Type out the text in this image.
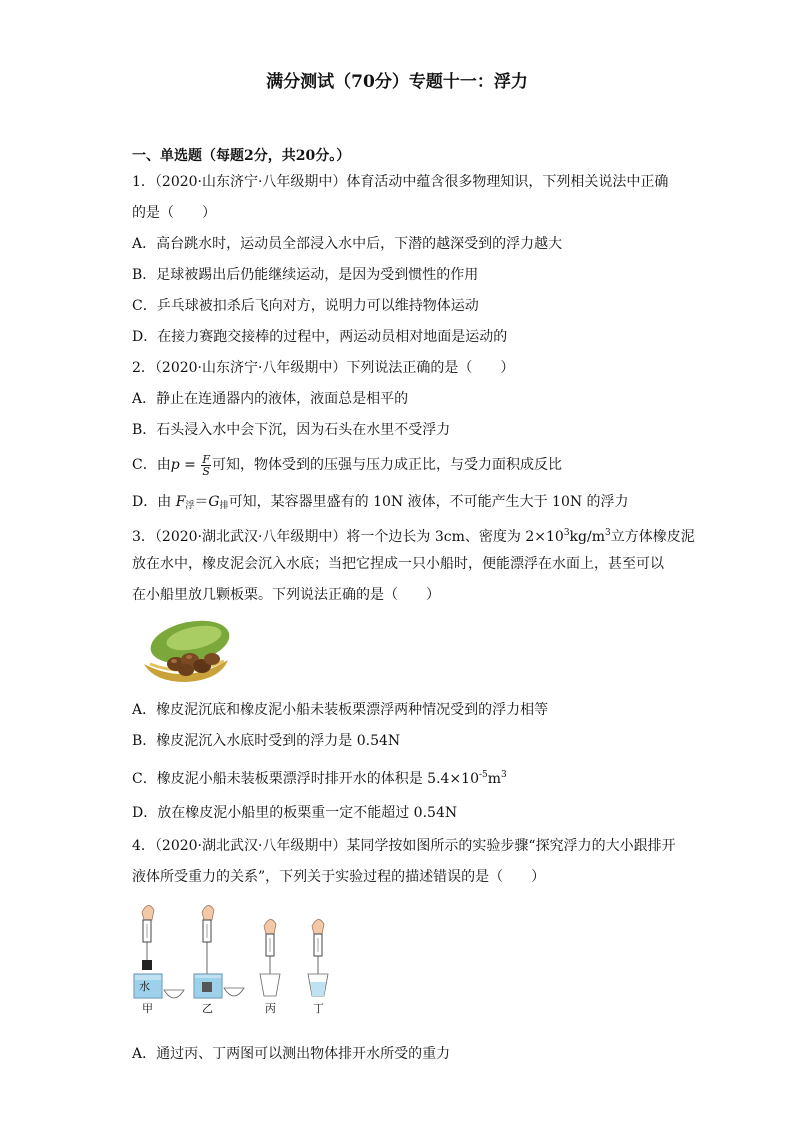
满分测试（70分）专题十一：浮力
一、单选题（每题2分，共20分。）
1．（2020·山东济宁·八年级期中）体育活动中蕴含很多物理知识，下列相关说法中正确
的是（　　）
A．高台跳水时，运动员全部浸入水中后，下潜的越深受到的浮力越大
B．足球被踢出后仍能继续运动，是因为受到惯性的作用
C．乒乓球被扣杀后飞向对方，说明力可以维持物体运动
D．在接力赛跑交接棒的过程中，两运动员相对地面是运动的
2．（2020·山东济宁·八年级期中）下列说法正确的是（　　）
A．静止在连通器内的液体，液面总是相平的
B．石头浸入水中会下沉，因为石头在水里不受浮力
C．由$p = \frac{F}{S}$ 可知，物体受到的压强与压力成正比，与受力面积成反比
D．由 $F_浮=G_排$可知，某容器里盛有的 10N 液体，不可能产生大于 10N 的浮力
3．（2020·湖北武汉·八年级期中）将一个边长为 3cm、密度为 $2\times 10^3kg/m^3$立方体橡皮泥
放在水中，橡皮泥会沉入水底；当把它捏成一只小船时，便能漂浮在水面上，甚至可以
在小船里放几颗板栗。下列说法正确的是（　　）
A．橡皮泥沉底和橡皮泥小船未装板栗漂浮两种情况受到的浮力相等
B．橡皮泥沉入水底时受到的浮力是 0.54N
C．橡皮泥小船未装板栗漂浮时排开水的体积是 $5.4\times 10^{-5}m^3$
D．放在橡皮泥小船里的板栗重一定不能超过 0.54N
4．（2020·湖北武汉·八年级期中）某同学按如图所示的实验步骤“探究浮力的大小跟排开
液体所受重力的关系”，下列关于实验过程的描述错误的是（　　）
水
甲	乙	丙	丁
A．通过丙、丁两图可以测出物体排开水所受的重力
